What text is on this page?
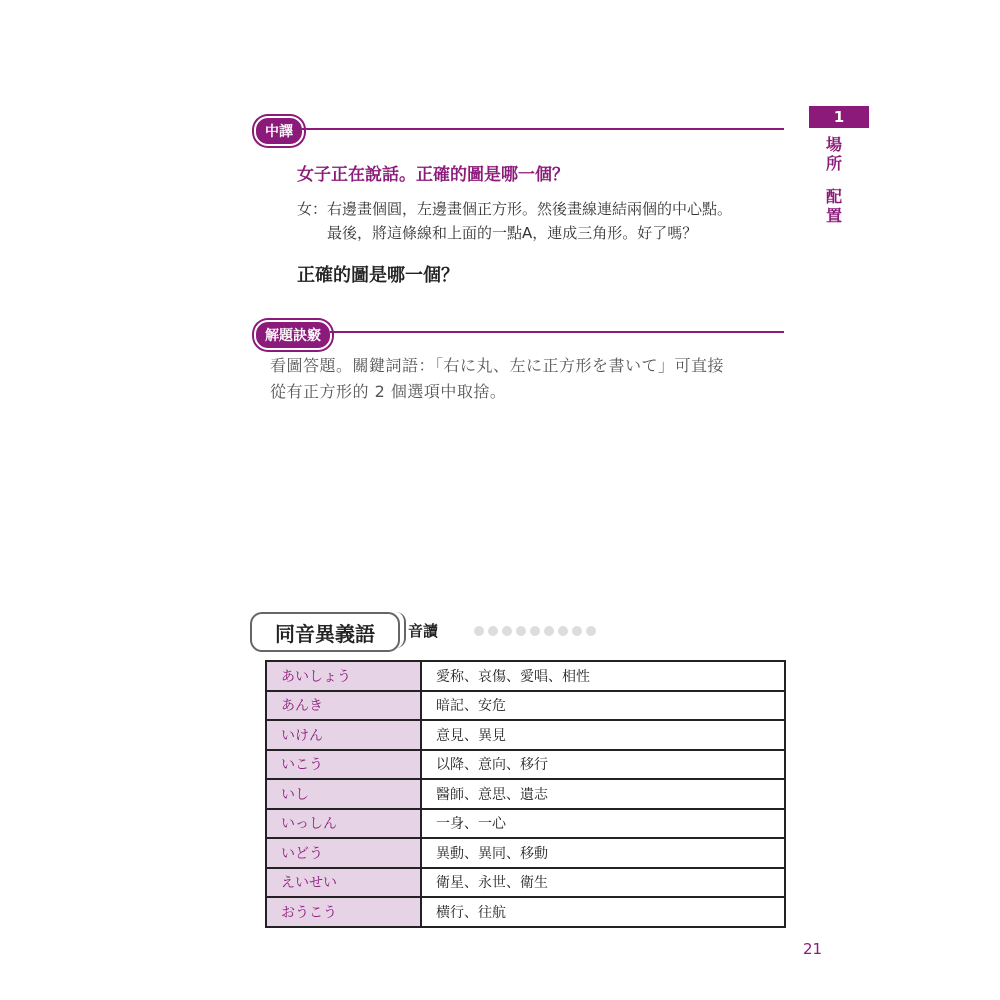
中譯
女子正在說話。正確的圖是哪一個？
女：右邊畫個圓，左邊畫個正方形。然後畫線連結兩個的中心點。
最後，將這條線和上面的一點A，連成三角形。好了嗎？
正確的圖是哪一個？
解題訣竅
看圖答題。關鍵詞語：「右に丸、左に正方形を書いて」可直接
從有正方形的 2 個選項中取捨。
1
場
所
配
置
同音異義語 音讀
あいしょう	愛称、哀傷、愛唱、相性
あんき	暗記、安危
いけん	意見、異見
いこう	以降、意向、移行
いし	醫師、意思、遺志
いっしん	一身、一心
いどう	異動、異同、移動
えいせい	衛星、永世、衛生
おうこう	横行、往航
21
